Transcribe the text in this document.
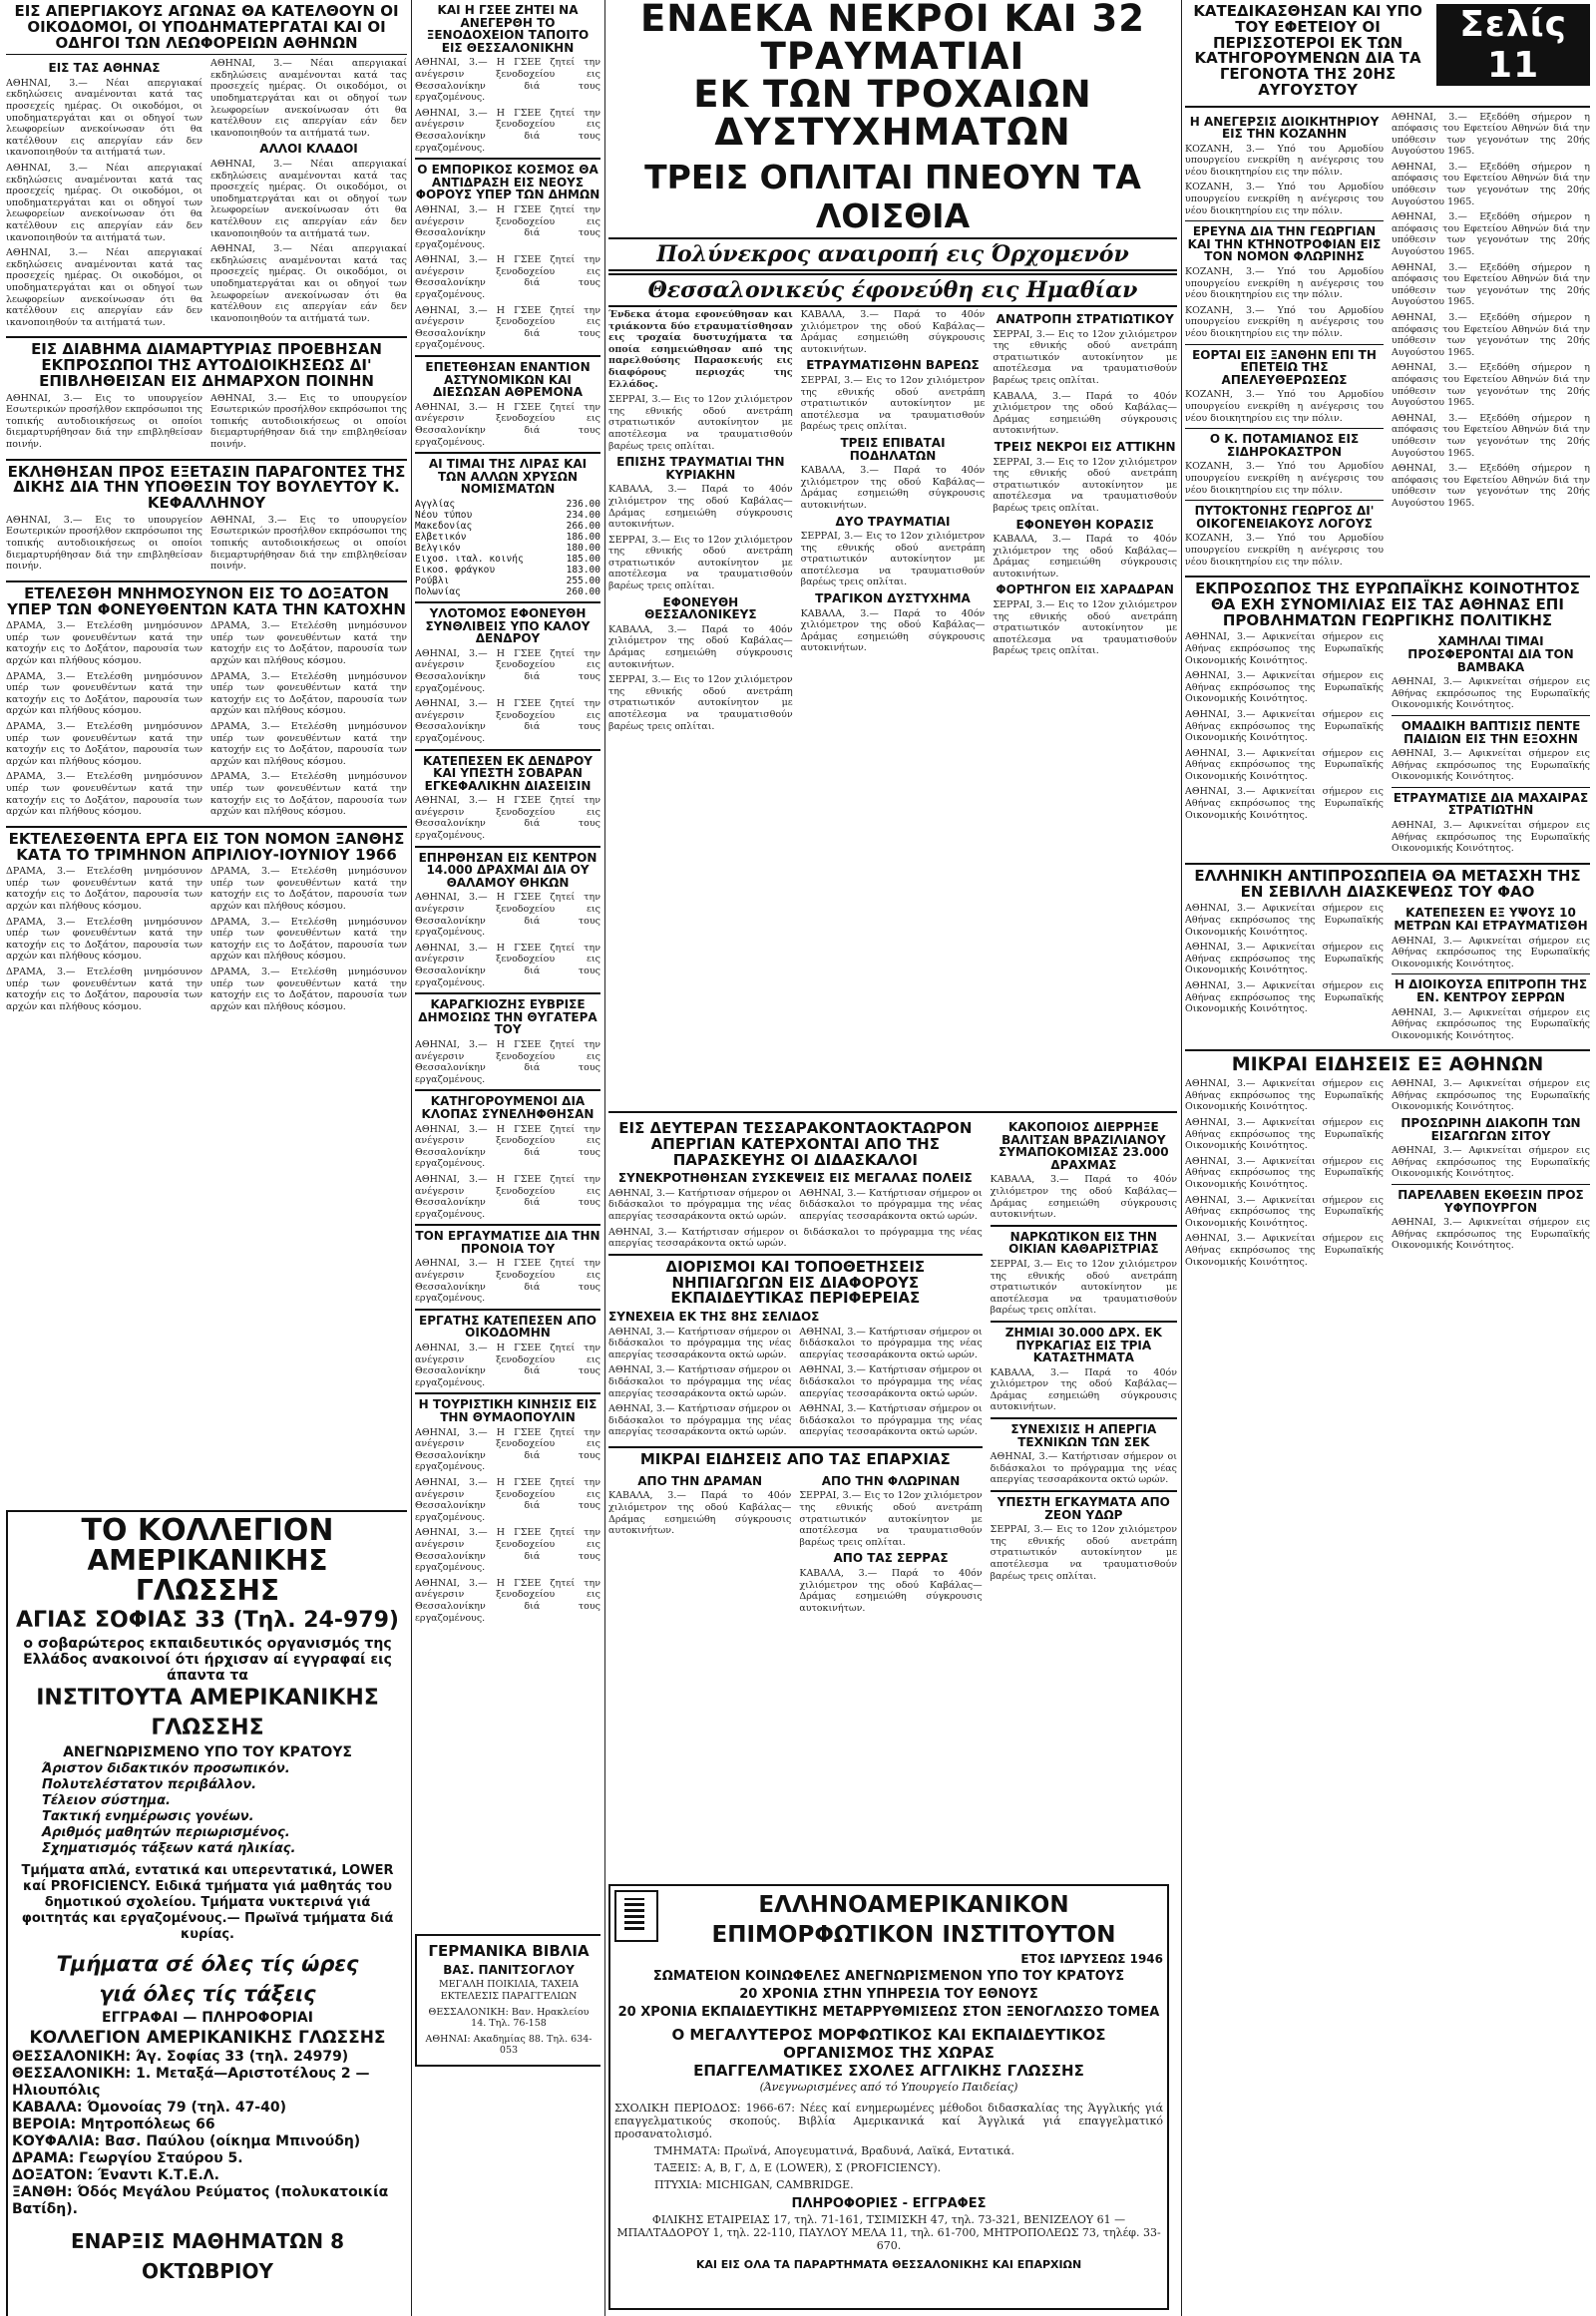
ΕΙΣ ΑΠΕΡΓΙΑΚΟΥΣ ΑΓΩΝΑΣ ΘΑ ΚΑΤΕΛΘΟΥΝ ΟΙ ΟΙΚΟΔΟΜΟΙ, ΟΙ ΥΠΟΔΗΜΑΤΕΡΓΑΤΑΙ ΚΑΙ ΟΙ ΟΔΗΓΟΙ ΤΩΝ ΛΕΩΦΟΡΕΙΩΝ ΑΘΗΝΩΝ
ΕΙΣ ΤΑΣ ΑΘΗΝΑΣ

ΑΘΗΝΑΙ, 3.— Νέαι απεργιακαί εκδηλώσεις αναμένονται κατά τας προσεχείς ημέρας. Οι οικοδόμοι, οι υποδηματεργάται και οι οδηγοί των λεωφορείων ανεκοίνωσαν ότι θα κατέλθουν εις απεργίαν εάν δεν ικανοποιηθούν τα αιτήματά των.

ΑΘΗΝΑΙ, 3.— Νέαι απεργιακαί εκδηλώσεις αναμένονται κατά τας προσεχείς ημέρας. Οι οικοδόμοι, οι υποδηματεργάται και οι οδηγοί των λεωφορείων ανεκοίνωσαν ότι θα κατέλθουν εις απεργίαν εάν δεν ικανοποιηθούν τα αιτήματά των.

ΑΘΗΝΑΙ, 3.— Νέαι απεργιακαί εκδηλώσεις αναμένονται κατά τας προσεχείς ημέρας. Οι οικοδόμοι, οι υποδηματεργάται και οι οδηγοί των λεωφορείων ανεκοίνωσαν ότι θα κατέλθουν εις απεργίαν εάν δεν ικανοποιηθούν τα αιτήματά των.

ΑΘΗΝΑΙ, 3.— Νέαι απεργιακαί εκδηλώσεις αναμένονται κατά τας προσεχείς ημέρας. Οι οικοδόμοι, οι υποδηματεργάται και οι οδηγοί των λεωφορείων ανεκοίνωσαν ότι θα κατέλθουν εις απεργίαν εάν δεν ικανοποιηθούν τα αιτήματά των.

ΑΛΛΟΙ ΚΛΑΔΟΙ

ΑΘΗΝΑΙ, 3.— Νέαι απεργιακαί εκδηλώσεις αναμένονται κατά τας προσεχείς ημέρας. Οι οικοδόμοι, οι υποδηματεργάται και οι οδηγοί των λεωφορείων ανεκοίνωσαν ότι θα κατέλθουν εις απεργίαν εάν δεν ικανοποιηθούν τα αιτήματά των.

ΑΘΗΝΑΙ, 3.— Νέαι απεργιακαί εκδηλώσεις αναμένονται κατά τας προσεχείς ημέρας. Οι οικοδόμοι, οι υποδηματεργάται και οι οδηγοί των λεωφορείων ανεκοίνωσαν ότι θα κατέλθουν εις απεργίαν εάν δεν ικανοποιηθούν τα αιτήματά των.

ΕΙΣ ΔΙΑΒΗΜΑ ΔΙΑΜΑΡΤΥΡΙΑΣ ΠΡΟΕΒΗΣΑΝ ΕΚΠΡΟΣΩΠΟΙ ΤΗΣ ΑΥΤΟΔΙΟΙΚΗΣΕΩΣ ΔΙ' ΕΠΙΒΛΗΘΕΙΣΑΝ ΕΙΣ ΔΗΜΑΡΧΟΝ ΠΟΙΝΗΝ

ΑΘΗΝΑΙ, 3.— Εις το υπουργείον Εσωτερικών προσήλθον εκπρόσωποι της τοπικής αυτοδιοικήσεως οι οποίοι διεμαρτυρήθησαν διά την επιβληθείσαν ποινήν.

ΑΘΗΝΑΙ, 3.— Εις το υπουργείον Εσωτερικών προσήλθον εκπρόσωποι της τοπικής αυτοδιοικήσεως οι οποίοι διεμαρτυρήθησαν διά την επιβληθείσαν ποινήν.

ΕΚΛΗΘΗΣΑΝ ΠΡΟΣ ΕΞΕΤΑΣΙΝ ΠΑΡΑΓΟΝΤΕΣ ΤΗΣ ΔΙΚΗΣ ΔΙΑ ΤΗΝ ΥΠΟΘΕΣΙΝ ΤΟΥ ΒΟΥΛΕΥΤΟΥ Κ. ΚΕΦΑΛΛΗΝΟΥ

ΑΘΗΝΑΙ, 3.— Εις το υπουργείον Εσωτερικών προσήλθον εκπρόσωποι της τοπικής αυτοδιοικήσεως οι οποίοι διεμαρτυρήθησαν διά την επιβληθείσαν ποινήν.

ΑΘΗΝΑΙ, 3.— Εις το υπουργείον Εσωτερικών προσήλθον εκπρόσωποι της τοπικής αυτοδιοικήσεως οι οποίοι διεμαρτυρήθησαν διά την επιβληθείσαν ποινήν.

ΕΤΕΛΕΣΘΗ ΜΝΗΜΟΣΥΝΟΝ ΕΙΣ ΤΟ ΔΟΞΑΤΟΝ ΥΠΕΡ ΤΩΝ ΦΟΝΕΥΘΕΝΤΩΝ ΚΑΤΑ ΤΗΝ ΚΑΤΟΧΗΝ

ΔΡΑΜΑ, 3.— Ετελέσθη μνημόσυνον υπέρ των φονευθέντων κατά την κατοχήν εις το Δοξάτον, παρουσία των αρχών και πλήθους κόσμου.

ΔΡΑΜΑ, 3.— Ετελέσθη μνημόσυνον υπέρ των φονευθέντων κατά την κατοχήν εις το Δοξάτον, παρουσία των αρχών και πλήθους κόσμου.

ΔΡΑΜΑ, 3.— Ετελέσθη μνημόσυνον υπέρ των φονευθέντων κατά την κατοχήν εις το Δοξάτον, παρουσία των αρχών και πλήθους κόσμου.

ΔΡΑΜΑ, 3.— Ετελέσθη μνημόσυνον υπέρ των φονευθέντων κατά την κατοχήν εις το Δοξάτον, παρουσία των αρχών και πλήθους κόσμου.

ΔΡΑΜΑ, 3.— Ετελέσθη μνημόσυνον υπέρ των φονευθέντων κατά την κατοχήν εις το Δοξάτον, παρουσία των αρχών και πλήθους κόσμου.

ΔΡΑΜΑ, 3.— Ετελέσθη μνημόσυνον υπέρ των φονευθέντων κατά την κατοχήν εις το Δοξάτον, παρουσία των αρχών και πλήθους κόσμου.

ΔΡΑΜΑ, 3.— Ετελέσθη μνημόσυνον υπέρ των φονευθέντων κατά την κατοχήν εις το Δοξάτον, παρουσία των αρχών και πλήθους κόσμου.

ΔΡΑΜΑ, 3.— Ετελέσθη μνημόσυνον υπέρ των φονευθέντων κατά την κατοχήν εις το Δοξάτον, παρουσία των αρχών και πλήθους κόσμου.

ΕΚΤΕΛΕΣΘΕΝΤΑ ΕΡΓΑ ΕΙΣ ΤΟΝ ΝΟΜΟΝ ΞΑΝΘΗΣ ΚΑΤΑ ΤΟ ΤΡΙΜΗΝΟΝ ΑΠΡΙΛΙΟΥ-ΙΟΥΝΙΟΥ 1966

ΔΡΑΜΑ, 3.— Ετελέσθη μνημόσυνον υπέρ των φονευθέντων κατά την κατοχήν εις το Δοξάτον, παρουσία των αρχών και πλήθους κόσμου.

ΔΡΑΜΑ, 3.— Ετελέσθη μνημόσυνον υπέρ των φονευθέντων κατά την κατοχήν εις το Δοξάτον, παρουσία των αρχών και πλήθους κόσμου.

ΔΡΑΜΑ, 3.— Ετελέσθη μνημόσυνον υπέρ των φονευθέντων κατά την κατοχήν εις το Δοξάτον, παρουσία των αρχών και πλήθους κόσμου.

ΔΡΑΜΑ, 3.— Ετελέσθη μνημόσυνον υπέρ των φονευθέντων κατά την κατοχήν εις το Δοξάτον, παρουσία των αρχών και πλήθους κόσμου.

ΔΡΑΜΑ, 3.— Ετελέσθη μνημόσυνον υπέρ των φονευθέντων κατά την κατοχήν εις το Δοξάτον, παρουσία των αρχών και πλήθους κόσμου.

ΔΡΑΜΑ, 3.— Ετελέσθη μνημόσυνον υπέρ των φονευθέντων κατά την κατοχήν εις το Δοξάτον, παρουσία των αρχών και πλήθους κόσμου.

ΤΟ ΚΟΛΛΕΓΙΟΝ
ΑΜΕΡΙΚΑΝΙΚΗΣ ΓΛΩΣΣΗΣ
ΑΓΙΑΣ ΣΟΦΙΑΣ 33 (Τηλ. 24-979)
ο σοβαρώτερος εκπαιδευτικός οργανισμός της Ελλάδος ανακοινοί ότι ήρχισαν αί εγγραφαί εις άπαντα τα
ΙΝΣΤΙΤΟΥΤΑ ΑΜΕΡΙΚΑΝΙΚΗΣ ΓΛΩΣΣΗΣ
ΑΝΕΓΝΩΡΙΣΜΕΝΟ ΥΠΟ ΤΟΥ ΚΡΑΤΟΥΣ
Άριστον διδακτικόν προσωπικόν.
Πολυτελέστατον περιβάλλον.
Τέλειον σύστημα.
Τακτική ενημέρωσις γονέων.
Αριθμός μαθητών περιωρισμένος.
Σχηματισμός τάξεων κατά ηλικίας.
Τμήματα απλά, εντατικά και υπερεντατικά, LOWER καί PROFICIENCY. Ειδικά τμήματα γιά μαθητάς του δημοτικού σχολείου. Τμήματα νυκτερινά γιά φοιτητάς και εργαζομένους.— Πρωϊνά τμήματα διά κυρίας.
Τμήματα σέ όλες τίς ώρες
γιά όλες τίς τάξεις
ΕΓΓΡΑΦΑΙ — ΠΛΗΡΟΦΟΡΙΑΙ
ΚΟΛΛΕΓΙΟΝ ΑΜΕΡΙΚΑΝΙΚΗΣ ΓΛΩΣΣΗΣ
ΘΕΣΣΑΛΟΝΙΚΗ: Άγ. Σοφίας 33 (τηλ. 24979)
ΘΕΣΣΑΛΟΝΙΚΗ: 1. Μεταξά—Αριστοτέλους 2 — Ηλιουπόλις
ΚΑΒΑΛΑ: Όμονοίας 79 (τηλ. 47-40)
ΒΕΡΟΙΑ: Μητροπόλεως 66
ΚΟΥΦΑΛΙΑ: Βασ. Παύλου (οίκημα Μπινούδη)
ΔΡΑΜΑ: Γεωργίου Σταύρου 5.
ΔΟΞΑΤΟΝ: Έναντι Κ.Τ.Ε.Λ.
ΞΑΝΘΗ: Όδός Μεγάλου Ρεύματος (πολυκατοικία Βατίδη).
ΕΝΑΡΞΙΣ ΜΑΘΗΜΑΤΩΝ 8 ΟΚΤΩΒΡΙΟΥ
ΚΑΙ Η ΓΣΕΕ ΖΗΤΕΙ ΝΑ ΑΝΕΓΕΡΘΗ ΤΟ ΞΕΝΟΔΟΧΕΙΟΝ ΤΑΠΟΙΤΟ ΕΙΣ ΘΕΣΣΑΛΟΝΙΚΗΝ

ΑΘΗΝΑΙ, 3.— Η ΓΣΕΕ ζητεί την ανέγερσιν ξενοδοχείου εις Θεσσαλονίκην διά τους εργαζομένους.

ΑΘΗΝΑΙ, 3.— Η ΓΣΕΕ ζητεί την ανέγερσιν ξενοδοχείου εις Θεσσαλονίκην διά τους εργαζομένους.

Ο ΕΜΠΟΡΙΚΟΣ ΚΟΣΜΟΣ ΘΑ ΑΝΤΙΔΡΑΣΗ ΕΙΣ ΝΕΟΥΣ ΦΟΡΟΥΣ ΥΠΕΡ ΤΩΝ ΔΗΜΩΝ

ΑΘΗΝΑΙ, 3.— Η ΓΣΕΕ ζητεί την ανέγερσιν ξενοδοχείου εις Θεσσαλονίκην διά τους εργαζομένους.

ΑΘΗΝΑΙ, 3.— Η ΓΣΕΕ ζητεί την ανέγερσιν ξενοδοχείου εις Θεσσαλονίκην διά τους εργαζομένους.

ΑΘΗΝΑΙ, 3.— Η ΓΣΕΕ ζητεί την ανέγερσιν ξενοδοχείου εις Θεσσαλονίκην διά τους εργαζομένους.

ΕΠΕΤΕΘΗΣΑΝ ΕΝΑΝΤΙΟΝ ΑΣΤΥΝΟΜΙΚΩΝ ΚΑΙ ΔΙΕΣΩΣΑΝ ΑΘΡΕΜΟΝΑ

ΑΘΗΝΑΙ, 3.— Η ΓΣΕΕ ζητεί την ανέγερσιν ξενοδοχείου εις Θεσσαλονίκην διά τους εργαζομένους.

ΑΙ ΤΙΜΑΙ ΤΗΣ ΛΙΡΑΣ ΚΑΙ ΤΩΝ ΑΛΛΩΝ ΧΡΥΣΩΝ ΝΟΜΙΣΜΑΤΩΝ
Αγγλίας	236.00
Νέου τύπου	234.00
Μακεδονίας	266.00
Ελβετικόν	186.00
Βελγικόν	180.00
Ειχοσ. ιταλ. κοινής	185.00
Εικοσ. φράγκου	183.00
Ρούβλι	255.00
Πολωνίας	260.00
ΥΛΟΤΟΜΟΣ ΕΦΟΝΕΥΘΗ ΣΥΝΘΛΙΒΕΙΣ ΥΠΟ ΚΑΛΟΥ ΔΕΝΔΡΟΥ

ΑΘΗΝΑΙ, 3.— Η ΓΣΕΕ ζητεί την ανέγερσιν ξενοδοχείου εις Θεσσαλονίκην διά τους εργαζομένους.

ΑΘΗΝΑΙ, 3.— Η ΓΣΕΕ ζητεί την ανέγερσιν ξενοδοχείου εις Θεσσαλονίκην διά τους εργαζομένους.

ΚΑΤΕΠΕΣΕΝ ΕΚ ΔΕΝΔΡΟΥ ΚΑΙ ΥΠΕΣΤΗ ΣΟΒΑΡΑΝ ΕΓΚΕΦΑΛΙΚΗΝ ΔΙΑΣΕΙΣΙΝ

ΑΘΗΝΑΙ, 3.— Η ΓΣΕΕ ζητεί την ανέγερσιν ξενοδοχείου εις Θεσσαλονίκην διά τους εργαζομένους.

ΕΠΗΡΘΗΣΑΝ ΕΙΣ ΚΕΝΤΡΟΝ 14.000 ΔΡΑΧΜΑΙ ΔΙΑ ΟΥ ΘΑΛΑΜΟΥ ΘΗΚΩΝ

ΑΘΗΝΑΙ, 3.— Η ΓΣΕΕ ζητεί την ανέγερσιν ξενοδοχείου εις Θεσσαλονίκην διά τους εργαζομένους.

ΑΘΗΝΑΙ, 3.— Η ΓΣΕΕ ζητεί την ανέγερσιν ξενοδοχείου εις Θεσσαλονίκην διά τους εργαζομένους.

ΚΑΡΑΓΚΙΟΖΗΣ ΕΥΒΡΙΣΕ ΔΗΜΟΣΙΩΣ ΤΗΝ ΘΥΓΑΤΕΡΑ ΤΟΥ

ΑΘΗΝΑΙ, 3.— Η ΓΣΕΕ ζητεί την ανέγερσιν ξενοδοχείου εις Θεσσαλονίκην διά τους εργαζομένους.

ΚΑΤΗΓΟΡΟΥΜΕΝΟΙ ΔΙΑ ΚΛΟΠΑΣ ΣΥΝΕΛΗΦΘΗΣΑΝ

ΑΘΗΝΑΙ, 3.— Η ΓΣΕΕ ζητεί την ανέγερσιν ξενοδοχείου εις Θεσσαλονίκην διά τους εργαζομένους.

ΑΘΗΝΑΙ, 3.— Η ΓΣΕΕ ζητεί την ανέγερσιν ξενοδοχείου εις Θεσσαλονίκην διά τους εργαζομένους.

ΤΟΝ ΕΡΓΑΥΜΑΤΙΣΕ ΔΙΑ ΤΗΝ ΠΡΟΝΟΙΑ ΤΟΥ

ΑΘΗΝΑΙ, 3.— Η ΓΣΕΕ ζητεί την ανέγερσιν ξενοδοχείου εις Θεσσαλονίκην διά τους εργαζομένους.

ΕΡΓΑΤΗΣ ΚΑΤΕΠΕΣΕΝ ΑΠΟ ΟΙΚΟΔΟΜΗΝ

ΑΘΗΝΑΙ, 3.— Η ΓΣΕΕ ζητεί την ανέγερσιν ξενοδοχείου εις Θεσσαλονίκην διά τους εργαζομένους.

Η ΤΟΥΡΙΣΤΙΚΗ ΚΙΝΗΣΙΣ ΕΙΣ ΤΗΝ ΘΥΜΑΟΠΟΥΛΙΝ

ΑΘΗΝΑΙ, 3.— Η ΓΣΕΕ ζητεί την ανέγερσιν ξενοδοχείου εις Θεσσαλονίκην διά τους εργαζομένους.

ΑΘΗΝΑΙ, 3.— Η ΓΣΕΕ ζητεί την ανέγερσιν ξενοδοχείου εις Θεσσαλονίκην διά τους εργαζομένους.

ΑΘΗΝΑΙ, 3.— Η ΓΣΕΕ ζητεί την ανέγερσιν ξενοδοχείου εις Θεσσαλονίκην διά τους εργαζομένους.

ΑΘΗΝΑΙ, 3.— Η ΓΣΕΕ ζητεί την ανέγερσιν ξενοδοχείου εις Θεσσαλονίκην διά τους εργαζομένους.

ΓΕΡΜΑΝΙΚΑ ΒΙΒΛΙΑ
ΒΑΣ. ΠΑΝΙΤΣΟΓΛΟΥ

ΜΕΓΑΛΗ ΠΟΙΚΙΛΙΑ, ΤΑΧΕΙΑ ΕΚΤΕΛΕΣΙΣ ΠΑΡΑΓΓΕΛΙΩΝ

ΘΕΣΣΑΛΟΝΙΚΗ: Βαν. Ηρακλείου 14. Τηλ. 76-158

ΑΘΗΝΑΙ: Ακαδημίας 88. Τηλ. 634-053

ΕΝΔΕΚΑ ΝΕΚΡΟΙ ΚΑΙ 32 ΤΡΑΥΜΑΤΙΑΙ
ΕΚ ΤΩΝ ΤΡΟΧΑΙΩΝ ΔΥΣΤΥΧΗΜΑΤΩΝ
ΤΡΕΙΣ ΟΠΛΙΤΑΙ ΠΝΕΟΥΝ ΤΑ ΛΟΙΣΘΙΑ
Πολύνεκρος αναιροπή εις Όρχομενόν
Θεσσαλονικεύς έφονεύθη εις Ημαθίαν

Ένδεκα άτομα εφονεύθησαν και τριάκοντα δύο ετραυματίσθησαν εις τροχαία δυστυχήματα τα οποία εσημειώθησαν από της παρελθούσης Παρασκευής εις διαφόρους περιοχάς της Ελλάδος.

ΣΕΡΡΑΙ, 3.— Εις το 12ον χιλιόμετρον της εθνικής οδού ανετράπη στρατιωτικόν αυτοκίνητον με αποτέλεσμα να τραυματισθούν βαρέως τρεις οπλίται.

ΕΠΙΣΗΣ ΤΡΑΥΜΑΤΙΑΙ ΤΗΝ ΚΥΡΙΑΚΗΝ

ΚΑΒΑΛΑ, 3.— Παρά το 40όν χιλιόμετρον της οδού Καβάλας—Δράμας εσημειώθη σύγκρουσις αυτοκινήτων.

ΣΕΡΡΑΙ, 3.— Εις το 12ον χιλιόμετρον της εθνικής οδού ανετράπη στρατιωτικόν αυτοκίνητον με αποτέλεσμα να τραυματισθούν βαρέως τρεις οπλίται.

ΕΦΟΝΕΥΘΗ ΘΕΣΣΑΛΟΝΙΚΕΥΣ

ΚΑΒΑΛΑ, 3.— Παρά το 40όν χιλιόμετρον της οδού Καβάλας—Δράμας εσημειώθη σύγκρουσις αυτοκινήτων.

ΣΕΡΡΑΙ, 3.— Εις το 12ον χιλιόμετρον της εθνικής οδού ανετράπη στρατιωτικόν αυτοκίνητον με αποτέλεσμα να τραυματισθούν βαρέως τρεις οπλίται.

ΚΑΒΑΛΑ, 3.— Παρά το 40όν χιλιόμετρον της οδού Καβάλας—Δράμας εσημειώθη σύγκρουσις αυτοκινήτων.

ΕΤΡΑΥΜΑΤΙΣΘΗΝ ΒΑΡΕΩΣ

ΣΕΡΡΑΙ, 3.— Εις το 12ον χιλιόμετρον της εθνικής οδού ανετράπη στρατιωτικόν αυτοκίνητον με αποτέλεσμα να τραυματισθούν βαρέως τρεις οπλίται.

ΤΡΕΙΣ ΕΠΙΒΑΤΑΙ ΠΟΔΗΛΑΤΩΝ

ΚΑΒΑΛΑ, 3.— Παρά το 40όν χιλιόμετρον της οδού Καβάλας—Δράμας εσημειώθη σύγκρουσις αυτοκινήτων.

ΔΥΟ ΤΡΑΥΜΑΤΙΑΙ

ΣΕΡΡΑΙ, 3.— Εις το 12ον χιλιόμετρον της εθνικής οδού ανετράπη στρατιωτικόν αυτοκίνητον με αποτέλεσμα να τραυματισθούν βαρέως τρεις οπλίται.

ΤΡΑΓΙΚΟΝ ΔΥΣΤΥΧΗΜΑ

ΚΑΒΑΛΑ, 3.— Παρά το 40όν χιλιόμετρον της οδού Καβάλας—Δράμας εσημειώθη σύγκρουσις αυτοκινήτων.

ΑΝΑΤΡΟΠΗ ΣΤΡΑΤΙΩΤΙΚΟΥ

ΣΕΡΡΑΙ, 3.— Εις το 12ον χιλιόμετρον της εθνικής οδού ανετράπη στρατιωτικόν αυτοκίνητον με αποτέλεσμα να τραυματισθούν βαρέως τρεις οπλίται.

ΚΑΒΑΛΑ, 3.— Παρά το 40όν χιλιόμετρον της οδού Καβάλας—Δράμας εσημειώθη σύγκρουσις αυτοκινήτων.

ΤΡΕΙΣ ΝΕΚΡΟΙ ΕΙΣ ΑΤΤΙΚΗΝ

ΣΕΡΡΑΙ, 3.— Εις το 12ον χιλιόμετρον της εθνικής οδού ανετράπη στρατιωτικόν αυτοκίνητον με αποτέλεσμα να τραυματισθούν βαρέως τρεις οπλίται.

ΕΦΟΝΕΥΘΗ ΚΟΡΑΣΙΣ

ΚΑΒΑΛΑ, 3.— Παρά το 40όν χιλιόμετρον της οδού Καβάλας—Δράμας εσημειώθη σύγκρουσις αυτοκινήτων.

ΦΟΡΤΗΓΟΝ ΕΙΣ ΧΑΡΑΔΡΑΝ

ΣΕΡΡΑΙ, 3.— Εις το 12ον χιλιόμετρον της εθνικής οδού ανετράπη στρατιωτικόν αυτοκίνητον με αποτέλεσμα να τραυματισθούν βαρέως τρεις οπλίται.

ΕΙΣ ΔΕΥΤΕΡΑΝ ΤΕΣΣΑΡΑΚΟΝΤΑΟΚΤΑΩΡΟΝ ΑΠΕΡΓΙΑΝ ΚΑΤΕΡΧΟΝΤΑΙ ΑΠΟ ΤΗΣ ΠΑΡΑΣΚΕΥΗΣ ΟΙ ΔΙΔΑΣΚΑΛΟΙ
ΣΥΝΕΚΡΟΤΗΘΗΣΑΝ ΣΥΣΚΕΨΕΙΣ ΕΙΣ ΜΕΓΑΛΑΣ ΠΟΛΕΙΣ

ΑΘΗΝΑΙ, 3.— Κατήρτισαν σήμερον οι διδάσκαλοι το πρόγραμμα της νέας απεργίας τεσσαράκοντα οκτώ ωρών.

ΑΘΗΝΑΙ, 3.— Κατήρτισαν σήμερον οι διδάσκαλοι το πρόγραμμα της νέας απεργίας τεσσαράκοντα οκτώ ωρών.

ΑΘΗΝΑΙ, 3.— Κατήρτισαν σήμερον οι διδάσκαλοι το πρόγραμμα της νέας απεργίας τεσσαράκοντα οκτώ ωρών.

ΔΙΟΡΙΣΜΟΙ ΚΑΙ ΤΟΠΟΘΕΤΗΣΕΙΣ ΝΗΠΙΑΓΩΓΩΝ ΕΙΣ ΔΙΑΦΟΡΟΥΣ ΕΚΠΑΙΔΕΥΤΙΚΑΣ ΠΕΡΙΦΕΡΕΙΑΣ
ΣΥΝΕΧΕΙΑ ΕΚ ΤΗΣ 8ΗΣ ΣΕΛΙΔΟΣ

ΑΘΗΝΑΙ, 3.— Κατήρτισαν σήμερον οι διδάσκαλοι το πρόγραμμα της νέας απεργίας τεσσαράκοντα οκτώ ωρών.

ΑΘΗΝΑΙ, 3.— Κατήρτισαν σήμερον οι διδάσκαλοι το πρόγραμμα της νέας απεργίας τεσσαράκοντα οκτώ ωρών.

ΑΘΗΝΑΙ, 3.— Κατήρτισαν σήμερον οι διδάσκαλοι το πρόγραμμα της νέας απεργίας τεσσαράκοντα οκτώ ωρών.

ΑΘΗΝΑΙ, 3.— Κατήρτισαν σήμερον οι διδάσκαλοι το πρόγραμμα της νέας απεργίας τεσσαράκοντα οκτώ ωρών.

ΑΘΗΝΑΙ, 3.— Κατήρτισαν σήμερον οι διδάσκαλοι το πρόγραμμα της νέας απεργίας τεσσαράκοντα οκτώ ωρών.

ΑΘΗΝΑΙ, 3.— Κατήρτισαν σήμερον οι διδάσκαλοι το πρόγραμμα της νέας απεργίας τεσσαράκοντα οκτώ ωρών.

ΜΙΚΡΑΙ ΕΙΔΗΣΕΙΣ ΑΠΟ ΤΑΣ ΕΠΑΡΧΙΑΣ
ΑΠΟ ΤΗΝ ΔΡΑΜΑΝ

ΚΑΒΑΛΑ, 3.— Παρά το 40όν χιλιόμετρον της οδού Καβάλας—Δράμας εσημειώθη σύγκρουσις αυτοκινήτων.

ΑΠΟ ΤΗΝ ΦΛΩΡΙΝΑΝ

ΣΕΡΡΑΙ, 3.— Εις το 12ον χιλιόμετρον της εθνικής οδού ανετράπη στρατιωτικόν αυτοκίνητον με αποτέλεσμα να τραυματισθούν βαρέως τρεις οπλίται.

ΑΠΟ ΤΑΣ ΣΕΡΡΑΣ

ΚΑΒΑΛΑ, 3.— Παρά το 40όν χιλιόμετρον της οδού Καβάλας—Δράμας εσημειώθη σύγκρουσις αυτοκινήτων.

ΚΑΚΟΠΟΙΟΣ ΔΙΕΡΡΗΞΕ ΒΑΛΙΤΣΑΝ ΒΡΑΖΙΛΙΑΝΟΥ ΣΥΜΑΠΟΚΟΜΙΣΑΣ 23.000 ΔΡΑΧΜΑΣ

ΚΑΒΑΛΑ, 3.— Παρά το 40όν χιλιόμετρον της οδού Καβάλας—Δράμας εσημειώθη σύγκρουσις αυτοκινήτων.

ΝΑΡΚΩΤΙΚΟΝ ΕΙΣ ΤΗΝ ΟΙΚΙΑΝ ΚΑΘΑΡΙΣΤΡΙΑΣ

ΣΕΡΡΑΙ, 3.— Εις το 12ον χιλιόμετρον της εθνικής οδού ανετράπη στρατιωτικόν αυτοκίνητον με αποτέλεσμα να τραυματισθούν βαρέως τρεις οπλίται.

ΖΗΜΙΑΙ 30.000 ΔΡΧ. ΕΚ ΠΥΡΚΑΓΙΑΣ ΕΙΣ ΤΡΙΑ ΚΑΤΑΣΤΗΜΑΤΑ

ΚΑΒΑΛΑ, 3.— Παρά το 40όν χιλιόμετρον της οδού Καβάλας—Δράμας εσημειώθη σύγκρουσις αυτοκινήτων.

ΣΥΝΕΧΙΣΙΣ Η ΑΠΕΡΓΙΑ ΤΕΧΝΙΚΩΝ ΤΩΝ ΣΕΚ

ΑΘΗΝΑΙ, 3.— Κατήρτισαν σήμερον οι διδάσκαλοι το πρόγραμμα της νέας απεργίας τεσσαράκοντα οκτώ ωρών.

ΥΠΕΣΤΗ ΕΓΚΑΥΜΑΤΑ ΑΠΟ ΖΕΟΝ ΥΔΩΡ

ΣΕΡΡΑΙ, 3.— Εις το 12ον χιλιόμετρον της εθνικής οδού ανετράπη στρατιωτικόν αυτοκίνητον με αποτέλεσμα να τραυματισθούν βαρέως τρεις οπλίται.

ΕΛΛΗΝΟΑΜΕΡΙΚΑΝΙΚΟΝ ΕΠΙΜΟΡΦΩΤΙΚΟΝ ΙΝΣΤΙΤΟΥΤΟΝ
ΕΤΟΣ ΙΔΡΥΣΕΩΣ 1946
ΣΩΜΑΤΕΙΟΝ ΚΟΙΝΩΦΕΛΕΣ ΑΝΕΓΝΩΡΙΣΜΕΝΟΝ ΥΠΟ ΤΟΥ ΚΡΑΤΟΥΣ
20 ΧΡΟΝΙΑ ΣΤΗΝ ΥΠΗΡΕΣΙΑ ΤΟΥ ΕΘΝΟΥΣ
20 ΧΡΟΝΙΑ ΕΚΠΑΙΔΕΥΤΙΚΗΣ ΜΕΤΑΡΡΥΘΜΙΣΕΩΣ ΣΤΟΝ ΞΕΝΟΓΛΩΣΣΟ ΤΟΜΕΑ
Ο ΜΕΓΑΛΥΤΕΡΟΣ ΜΟΡΦΩΤΙΚΟΣ ΚΑΙ ΕΚΠΑΙΔΕΥΤΙΚΟΣ ΟΡΓΑΝΙΣΜΟΣ ΤΗΣ ΧΩΡΑΣ
ΕΠΑΓΓΕΛΜΑΤΙΚΕΣ ΣΧΟΛΕΣ ΑΓΓΛΙΚΗΣ ΓΛΩΣΣΗΣ
(Άνεγνωρισμένες από τό Υπουργείο Παιδείας)

ΣΧΟΛΙΚΗ ΠΕΡΙΟΔΟΣ: 1966-67: Νέες καί ενημερωμένες μέθοδοι διδασκαλίας της Άγγλικής γιά επαγγελματικούς σκοπούς. Βιβλία Αμερικανικά καί Άγγλικά γιά επαγγελματικό προσανατολισμό.

ΤΜΗΜΑΤΑ: Πρωϊνά, Απογευματινά, Βραδυνά, Λαϊκά, Εντατικά.

ΤΑΞΕΙΣ: A, B, Γ, Δ, Ε (LOWER), Σ (PROFICIENCY).

ΠΤΥΧΙΑ: MICHIGAN, CAMBRIDGE.

ΠΛΗΡΟΦΟΡΙΕΣ - ΕΓΓΡΑΦΕΣ

ΦΙΛΙΚΗΣ ΕΤΑΙΡΕΙΑΣ 17, τηλ. 71-161, ΤΣΙΜΙΣΚΗ 47, τηλ. 73-321, ΒΕΝΙΖΕΛΟΥ 61 — ΜΠΑΛΤΑΔΟΡΟΥ 1, τηλ. 22-110, ΠΑΥΛΟΥ ΜΕΛΑ 11, τηλ. 61-700, ΜΗΤΡΟΠΟΛΕΩΣ 73, τηλέφ. 33-670.

ΚΑΙ ΕΙΣ ΟΛΑ ΤΑ ΠΑΡΑΡΤΗΜΑΤΑ ΘΕΣΣΑΛΟΝΙΚΗΣ ΚΑΙ ΕΠΑΡΧΙΩΝ
ΚΑΤΕΔΙΚΑΣΘΗΣΑΝ ΚΑΙ ΥΠΟ ΤΟΥ ΕΦΕΤΕΙΟΥ ΟΙ ΠΕΡΙΣΣΟΤΕΡΟΙ ΕΚ ΤΩΝ ΚΑΤΗΓΟΡΟΥΜΕΝΩΝ ΔΙΑ ΤΑ ΓΕΓΟΝΟΤΑ ΤΗΣ 20ΗΣ ΑΥΓΟΥΣΤΟΥ
Σελίς 11
Η ΑΝΕΓΕΡΣΙΣ ΔΙΟΙΚΗΤΗΡΙΟΥ ΕΙΣ ΤΗΝ ΚΟΖΑΝΗΝ

ΚΟΖΑΝΗ, 3.— Υπό του Αρμοδίου υπουργείου ενεκρίθη η ανέγερσις του νέου διοικητηρίου εις την πόλιν.

ΚΟΖΑΝΗ, 3.— Υπό του Αρμοδίου υπουργείου ενεκρίθη η ανέγερσις του νέου διοικητηρίου εις την πόλιν.

ΕΡΕΥΝΑ ΔΙΑ ΤΗΝ ΓΕΩΡΓΙΑΝ ΚΑΙ ΤΗΝ ΚΤΗΝΟΤΡΟΦΙΑΝ ΕΙΣ ΤΟΝ ΝΟΜΟΝ ΦΛΩΡΙΝΗΣ

ΚΟΖΑΝΗ, 3.— Υπό του Αρμοδίου υπουργείου ενεκρίθη η ανέγερσις του νέου διοικητηρίου εις την πόλιν.

ΚΟΖΑΝΗ, 3.— Υπό του Αρμοδίου υπουργείου ενεκρίθη η ανέγερσις του νέου διοικητηρίου εις την πόλιν.

ΕΟΡΤΑΙ ΕΙΣ ΞΑΝΘΗΝ ΕΠΙ ΤΗ ΕΠΕΤΕΙΩ ΤΗΣ ΑΠΕΛΕΥΘΕΡΩΣΕΩΣ

ΚΟΖΑΝΗ, 3.— Υπό του Αρμοδίου υπουργείου ενεκρίθη η ανέγερσις του νέου διοικητηρίου εις την πόλιν.

Ο Κ. ΠΟΤΑΜΙΑΝΟΣ ΕΙΣ ΣΙΔΗΡΟΚΑΣΤΡΟΝ

ΚΟΖΑΝΗ, 3.— Υπό του Αρμοδίου υπουργείου ενεκρίθη η ανέγερσις του νέου διοικητηρίου εις την πόλιν.

ΠΥΤΟΚΤΟΝΗΣ ΓΕΩΡΓΟΣ ΔΙ' ΟΙΚΟΓΕΝΕΙΑΚΟΥΣ ΛΟΓΟΥΣ

ΚΟΖΑΝΗ, 3.— Υπό του Αρμοδίου υπουργείου ενεκρίθη η ανέγερσις του νέου διοικητηρίου εις την πόλιν.

ΑΘΗΝΑΙ, 3.— Εξεδόθη σήμερον η απόφασις του Εφετείου Αθηνών διά την υπόθεσιν των γεγονότων της 20ής Αυγούστου 1965.

ΑΘΗΝΑΙ, 3.— Εξεδόθη σήμερον η απόφασις του Εφετείου Αθηνών διά την υπόθεσιν των γεγονότων της 20ής Αυγούστου 1965.

ΑΘΗΝΑΙ, 3.— Εξεδόθη σήμερον η απόφασις του Εφετείου Αθηνών διά την υπόθεσιν των γεγονότων της 20ής Αυγούστου 1965.

ΑΘΗΝΑΙ, 3.— Εξεδόθη σήμερον η απόφασις του Εφετείου Αθηνών διά την υπόθεσιν των γεγονότων της 20ής Αυγούστου 1965.

ΑΘΗΝΑΙ, 3.— Εξεδόθη σήμερον η απόφασις του Εφετείου Αθηνών διά την υπόθεσιν των γεγονότων της 20ής Αυγούστου 1965.

ΑΘΗΝΑΙ, 3.— Εξεδόθη σήμερον η απόφασις του Εφετείου Αθηνών διά την υπόθεσιν των γεγονότων της 20ής Αυγούστου 1965.

ΑΘΗΝΑΙ, 3.— Εξεδόθη σήμερον η απόφασις του Εφετείου Αθηνών διά την υπόθεσιν των γεγονότων της 20ής Αυγούστου 1965.

ΑΘΗΝΑΙ, 3.— Εξεδόθη σήμερον η απόφασις του Εφετείου Αθηνών διά την υπόθεσιν των γεγονότων της 20ής Αυγούστου 1965.

ΕΚΠΡΟΣΩΠΟΣ ΤΗΣ ΕΥΡΩΠΑΪΚΗΣ ΚΟΙΝΟΤΗΤΟΣ ΘΑ ΕΧΗ ΣΥΝΟΜΙΛΙΑΣ ΕΙΣ ΤΑΣ ΑΘΗΝΑΣ ΕΠΙ ΠΡΟΒΛΗΜΑΤΩΝ ΓΕΩΡΓΙΚΗΣ ΠΟΛΙΤΙΚΗΣ

ΑΘΗΝΑΙ, 3.— Αφικνείται σήμερον εις Αθήνας εκπρόσωπος της Ευρωπαϊκής Οικονομικής Κοινότητος.

ΑΘΗΝΑΙ, 3.— Αφικνείται σήμερον εις Αθήνας εκπρόσωπος της Ευρωπαϊκής Οικονομικής Κοινότητος.

ΑΘΗΝΑΙ, 3.— Αφικνείται σήμερον εις Αθήνας εκπρόσωπος της Ευρωπαϊκής Οικονομικής Κοινότητος.

ΑΘΗΝΑΙ, 3.— Αφικνείται σήμερον εις Αθήνας εκπρόσωπος της Ευρωπαϊκής Οικονομικής Κοινότητος.

ΑΘΗΝΑΙ, 3.— Αφικνείται σήμερον εις Αθήνας εκπρόσωπος της Ευρωπαϊκής Οικονομικής Κοινότητος.

ΧΑΜΗΛΑΙ ΤΙΜΑΙ ΠΡΟΣΦΕΡΟΝΤΑΙ ΔΙΑ ΤΟΝ ΒΑΜΒΑΚΑ

ΑΘΗΝΑΙ, 3.— Αφικνείται σήμερον εις Αθήνας εκπρόσωπος της Ευρωπαϊκής Οικονομικής Κοινότητος.

ΟΜΑΔΙΚΗ ΒΑΠΤΙΣΙΣ ΠΕΝΤΕ ΠΑΙΔΙΩΝ ΕΙΣ ΤΗΝ ΕΞΟΧΗΝ

ΑΘΗΝΑΙ, 3.— Αφικνείται σήμερον εις Αθήνας εκπρόσωπος της Ευρωπαϊκής Οικονομικής Κοινότητος.

ΕΤΡΑΥΜΑΤΙΣΕ ΔΙΑ ΜΑΧΑΙΡΑΣ ΣΤΡΑΤΙΩΤΗΝ

ΑΘΗΝΑΙ, 3.— Αφικνείται σήμερον εις Αθήνας εκπρόσωπος της Ευρωπαϊκής Οικονομικής Κοινότητος.

ΕΛΛΗΝΙΚΗ ΑΝΤΙΠΡΟΣΩΠΕΙΑ ΘΑ ΜΕΤΑΣΧΗ ΤΗΣ ΕΝ ΣΕΒΙΛΛΗ ΔΙΑΣΚΕΨΕΩΣ ΤΟΥ ΦΑΟ

ΑΘΗΝΑΙ, 3.— Αφικνείται σήμερον εις Αθήνας εκπρόσωπος της Ευρωπαϊκής Οικονομικής Κοινότητος.

ΑΘΗΝΑΙ, 3.— Αφικνείται σήμερον εις Αθήνας εκπρόσωπος της Ευρωπαϊκής Οικονομικής Κοινότητος.

ΑΘΗΝΑΙ, 3.— Αφικνείται σήμερον εις Αθήνας εκπρόσωπος της Ευρωπαϊκής Οικονομικής Κοινότητος.

ΚΑΤΕΠΕΣΕΝ ΕΞ ΥΨΟΥΣ 10 ΜΕΤΡΩΝ ΚΑΙ ΕΤΡΑΥΜΑΤΙΣΘΗ

ΑΘΗΝΑΙ, 3.— Αφικνείται σήμερον εις Αθήνας εκπρόσωπος της Ευρωπαϊκής Οικονομικής Κοινότητος.

Η ΔΙΟΙΚΟΥΣΑ ΕΠΙΤΡΟΠΗ ΤΗΣ ΕΝ. ΚΕΝΤΡΟΥ ΣΕΡΡΩΝ

ΑΘΗΝΑΙ, 3.— Αφικνείται σήμερον εις Αθήνας εκπρόσωπος της Ευρωπαϊκής Οικονομικής Κοινότητος.

ΜΙΚΡΑΙ ΕΙΔΗΣΕΙΣ ΕΞ ΑΘΗΝΩΝ

ΑΘΗΝΑΙ, 3.— Αφικνείται σήμερον εις Αθήνας εκπρόσωπος της Ευρωπαϊκής Οικονομικής Κοινότητος.

ΑΘΗΝΑΙ, 3.— Αφικνείται σήμερον εις Αθήνας εκπρόσωπος της Ευρωπαϊκής Οικονομικής Κοινότητος.

ΑΘΗΝΑΙ, 3.— Αφικνείται σήμερον εις Αθήνας εκπρόσωπος της Ευρωπαϊκής Οικονομικής Κοινότητος.

ΑΘΗΝΑΙ, 3.— Αφικνείται σήμερον εις Αθήνας εκπρόσωπος της Ευρωπαϊκής Οικονομικής Κοινότητος.

ΑΘΗΝΑΙ, 3.— Αφικνείται σήμερον εις Αθήνας εκπρόσωπος της Ευρωπαϊκής Οικονομικής Κοινότητος.

ΑΘΗΝΑΙ, 3.— Αφικνείται σήμερον εις Αθήνας εκπρόσωπος της Ευρωπαϊκής Οικονομικής Κοινότητος.

ΠΡΟΣΩΡΙΝΗ ΔΙΑΚΟΠΗ ΤΩΝ ΕΙΣΑΓΩΓΩΝ ΣΙΤΟΥ

ΑΘΗΝΑΙ, 3.— Αφικνείται σήμερον εις Αθήνας εκπρόσωπος της Ευρωπαϊκής Οικονομικής Κοινότητος.

ΠΑΡΕΛΑΒΕΝ ΕΚΘΕΣΙΝ ΠΡΟΣ ΥΦΥΠΟΥΡΓΟΝ

ΑΘΗΝΑΙ, 3.— Αφικνείται σήμερον εις Αθήνας εκπρόσωπος της Ευρωπαϊκής Οικονομικής Κοινότητος.
